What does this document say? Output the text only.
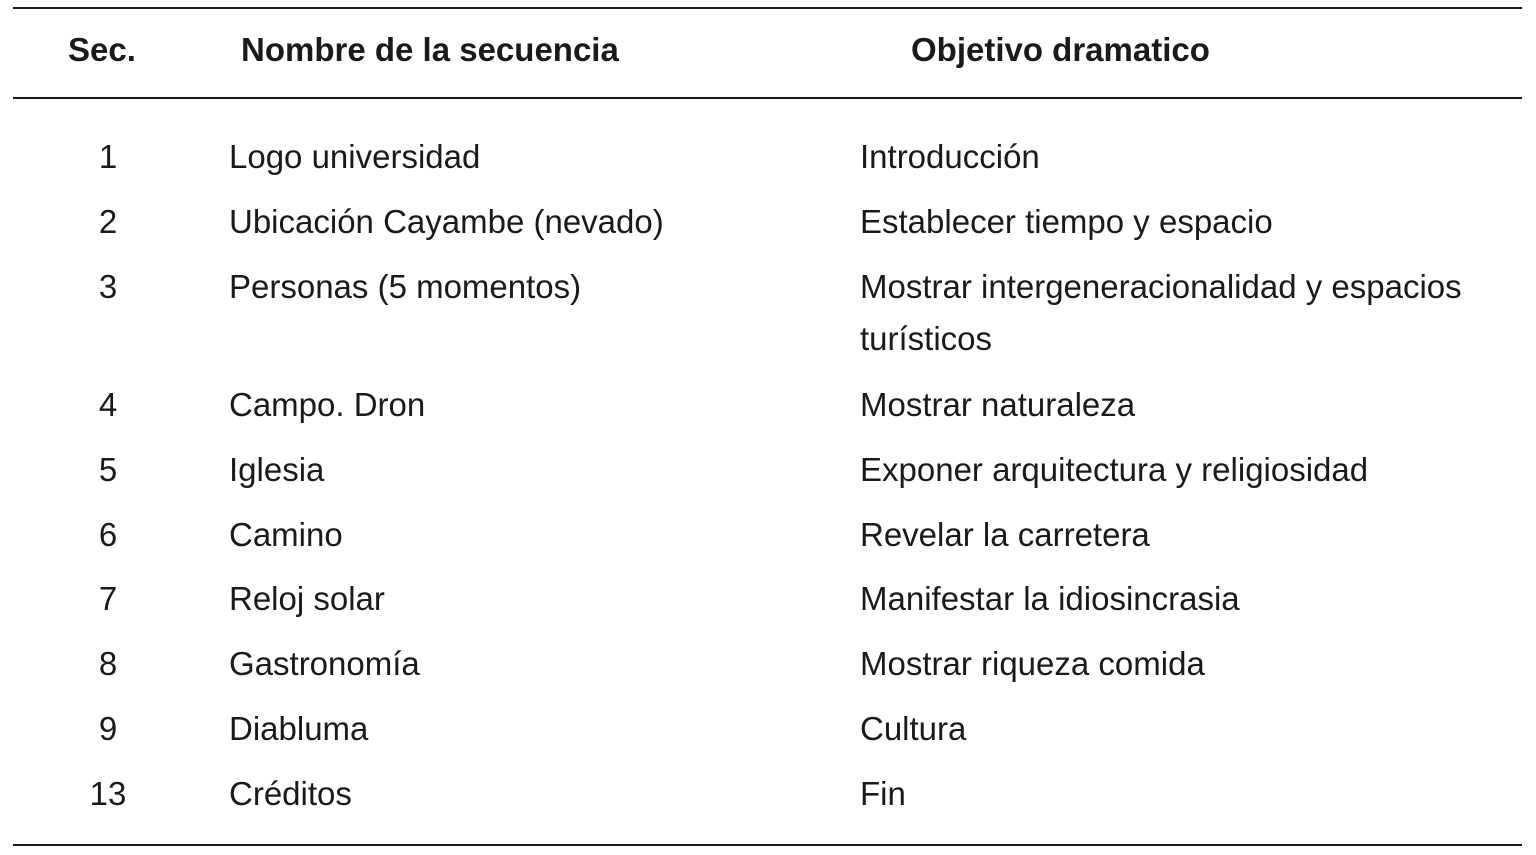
Sec.	Nombre de la secuencia	Objetivo dramatico
1	Logo universidad	Introducción
2	Ubicación Cayambe (nevado)	Establecer tiempo y espacio
3	Personas (5 momentos)	Mostrar intergeneracionalidad y espacios turísticos
4	Campo. Dron	Mostrar naturaleza
5	Iglesia	Exponer arquitectura y religiosidad
6	Camino	Revelar la carretera
7	Reloj solar	Manifestar la idiosincrasia
8	Gastronomía	Mostrar riqueza comida
9	Diabluma	Cultura
13	Créditos	Fin
